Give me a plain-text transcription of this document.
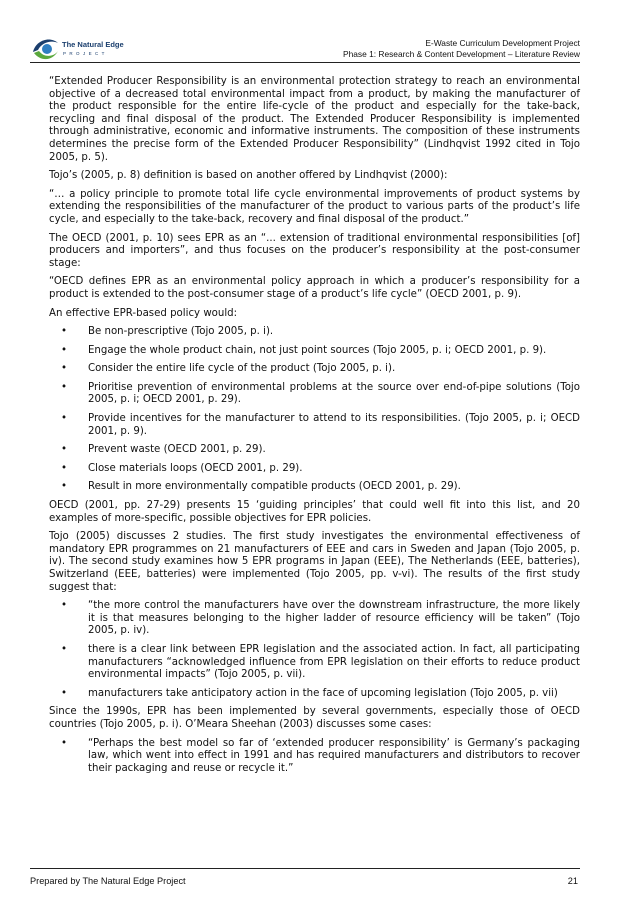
The Natural Edge
PROJECT
E-Waste Curriculum Development Project
Phase 1: Research & Content Development – Literature Review

“Extended Producer Responsibility is an environmental protection strategy to reach an environmental objective of a decreased total environmental impact from a product, by making the manufacturer of the product responsible for the entire life-cycle of the product and especially for the take-back, recycling and final disposal of the product. The Extended Producer Responsibility is implemented through administrative, economic and informative instruments. The composition of these instruments determines the precise form of the Extended Producer Responsibility” (Lindhqvist 1992 cited in Tojo 2005, p. 5).

Tojo’s (2005, p. 8) definition is based on another offered by Lindhqvist (2000):

“… a policy principle to promote total life cycle environmental improvements of product systems by extending the responsibilities of the manufacturer of the product to various parts of the product’s life cycle, and especially to the take-back, recovery and final disposal of the product.”

The OECD (2001, p. 10) sees EPR as an “... extension of traditional environmental responsibilities [of] producers and importers”, and thus focuses on the producer’s responsibility at the post-consumer stage:

“OECD defines EPR as an environmental policy approach in which a producer’s responsibility for a product is extended to the post-consumer stage of a product’s life cycle” (OECD 2001, p. 9).

An effective EPR-based policy would:

• Be non-prescriptive (Tojo 2005, p. i).
• Engage the whole product chain, not just point sources (Tojo 2005, p. i; OECD 2001, p. 9).
• Consider the entire life cycle of the product (Tojo 2005, p. i).
• Prioritise prevention of environmental problems at the source over end-of-pipe solutions (Tojo 2005, p. i; OECD 2001, p. 29).
• Provide incentives for the manufacturer to attend to its responsibilities. (Tojo 2005, p. i; OECD 2001, p. 9).
• Prevent waste (OECD 2001, p. 29).
• Close materials loops (OECD 2001, p. 29).
• Result in more environmentally compatible products (OECD 2001, p. 29).

OECD (2001, pp. 27-29) presents 15 ‘guiding principles’ that could well fit into this list, and 20 examples of more-specific, possible objectives for EPR policies.

Tojo (2005) discusses 2 studies. The first study investigates the environmental effectiveness of mandatory EPR programmes on 21 manufacturers of EEE and cars in Sweden and Japan (Tojo 2005, p. iv). The second study examines how 5 EPR programs in Japan (EEE), The Netherlands (EEE, batteries), Switzerland (EEE, batteries) were implemented (Tojo 2005, pp. v-vi). The results of the first study suggest that:

• “the more control the manufacturers have over the downstream infrastructure, the more likely it is that measures belonging to the higher ladder of resource efficiency will be taken” (Tojo 2005, p. iv).
• there is a clear link between EPR legislation and the associated action. In fact, all participating manufacturers “acknowledged influence from EPR legislation on their efforts to reduce product environmental impacts” (Tojo 2005, p. vii).
• manufacturers take anticipatory action in the face of upcoming legislation (Tojo 2005, p. vii)

Since the 1990s, EPR has been implemented by several governments, especially those of OECD countries (Tojo 2005, p. i). O’Meara Sheehan (2003) discusses some cases:

• “Perhaps the best model so far of ‘extended producer responsibility’ is Germany’s packaging law, which went into effect in 1991 and has required manufacturers and distributors to recover their packaging and reuse or recycle it.”
Prepared by The Natural Edge Project	21
